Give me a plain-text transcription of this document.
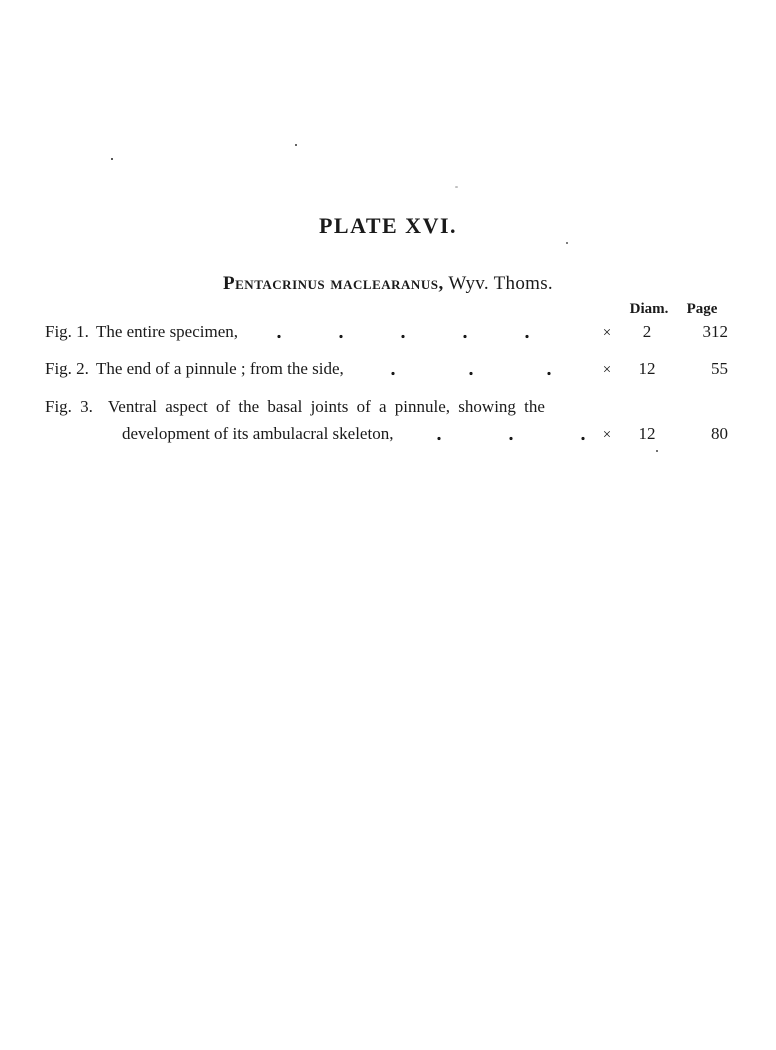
PLATE XVI.
Pentacrinus maclearanus, Wyv. Thoms.
Diam.	Page
Fig. 1. The entire specimen,	×	2	312
Fig. 2. The end of a pinnule ; from the side,	×	12	55
Fig. 3. Ventral aspect of the basal joints of a pinnule, showing the
development of its ambulacral skeleton,	×	12	80
